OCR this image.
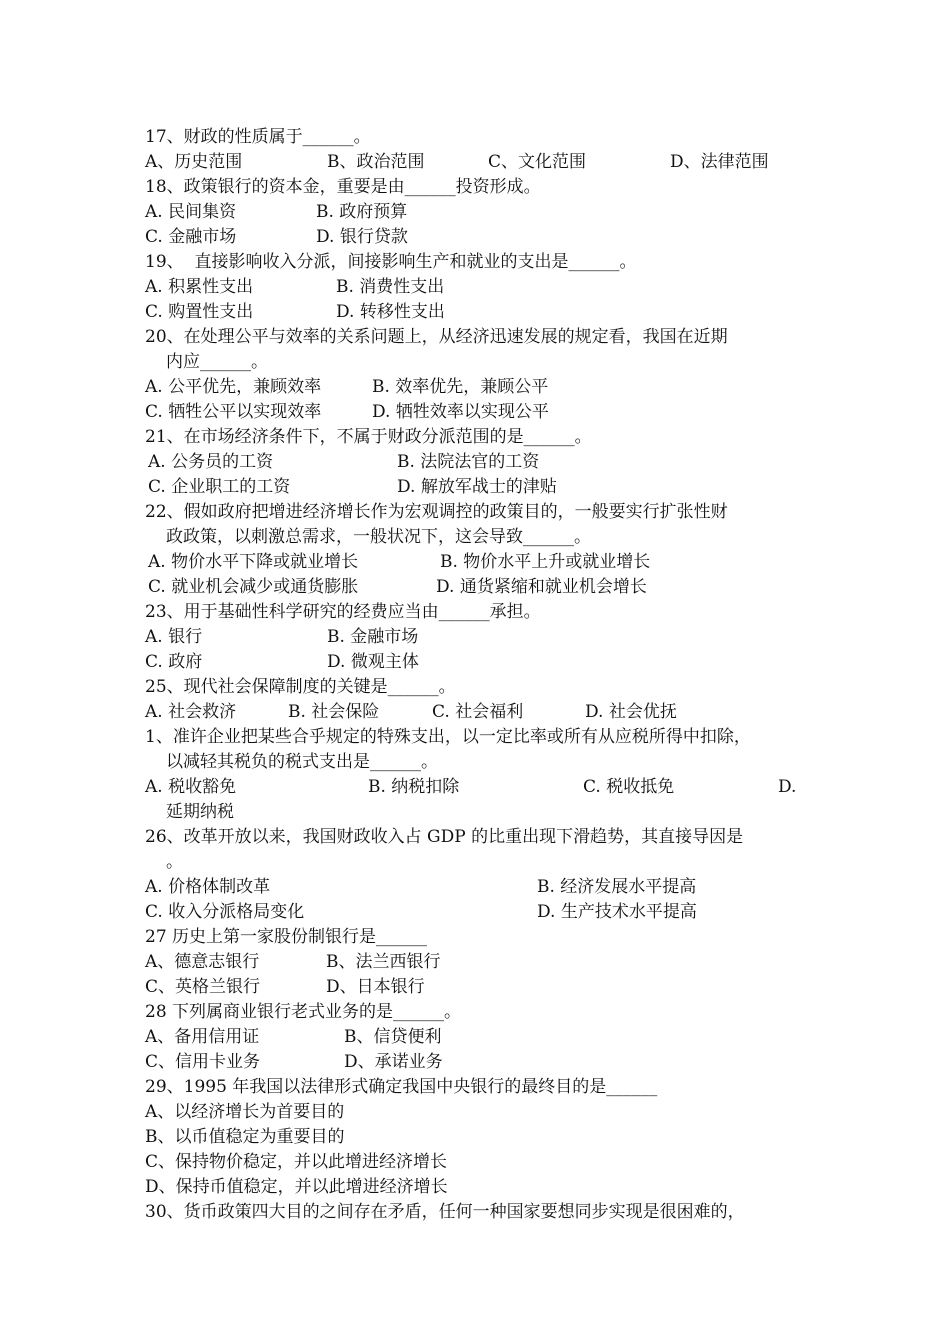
17、财政的性质属于______。
A、历史范围	B、政治范围	C、文化范围	D、法律范围
18、政策银行的资本金，重要是由______投资形成。
A. 民间集资	B. 政府预算
C. 金融市场	D. 银行贷款
19、  直接影响收入分派，间接影响生产和就业的支出是______。
A. 积累性支出	B. 消费性支出
C. 购置性支出	D. 转移性支出
20、在处理公平与效率的关系问题上，从经济迅速发展的规定看，我国在近期
内应______。
A. 公平优先，兼顾效率	B. 效率优先，兼顾公平
C. 牺牲公平以实现效率	D. 牺牲效率以实现公平
21、在市场经济条件下，不属于财政分派范围的是______。
A. 公务员的工资	B. 法院法官的工资
C. 企业职工的工资	D. 解放军战士的津贴
22、假如政府把增进经济增长作为宏观调控的政策目的，一般要实行扩张性财
政政策，以刺激总需求，一般状况下，这会导致______。
A. 物价水平下降或就业增长	B. 物价水平上升或就业增长
C. 就业机会减少或通货膨胀	D. 通货紧缩和就业机会增长
23、用于基础性科学研究的经费应当由______承担。
A. 银行	B. 金融市场
C. 政府	D. 微观主体
25、现代社会保障制度的关键是______。
A. 社会救济	B. 社会保险	C. 社会福利	D. 社会优抚
1、准许企业把某些合乎规定的特殊支出，以一定比率或所有从应税所得中扣除，
以减轻其税负的税式支出是______。
A. 税收豁免	B. 纳税扣除	C. 税收抵免	D.
延期纳税
26、改革开放以来，我国财政收入占 GDP 的比重出现下滑趋势，其直接导因是
。
A. 价格体制改革	B. 经济发展水平提高
C. 收入分派格局变化	D. 生产技术水平提高
27 历史上第一家股份制银行是______
A、德意志银行	B、法兰西银行
C、英格兰银行	D、日本银行
28 下列属商业银行老式业务的是______。
A、备用信用证	B、信贷便利
C、信用卡业务	D、承诺业务
29、1995 年我国以法律形式确定我国中央银行的最终目的是______
A、以经济增长为首要目的
B、以币值稳定为重要目的
C、保持物价稳定，并以此增进经济增长
D、保持币值稳定，并以此增进经济增长
30、货币政策四大目的之间存在矛盾，任何一种国家要想同步实现是很困难的，
